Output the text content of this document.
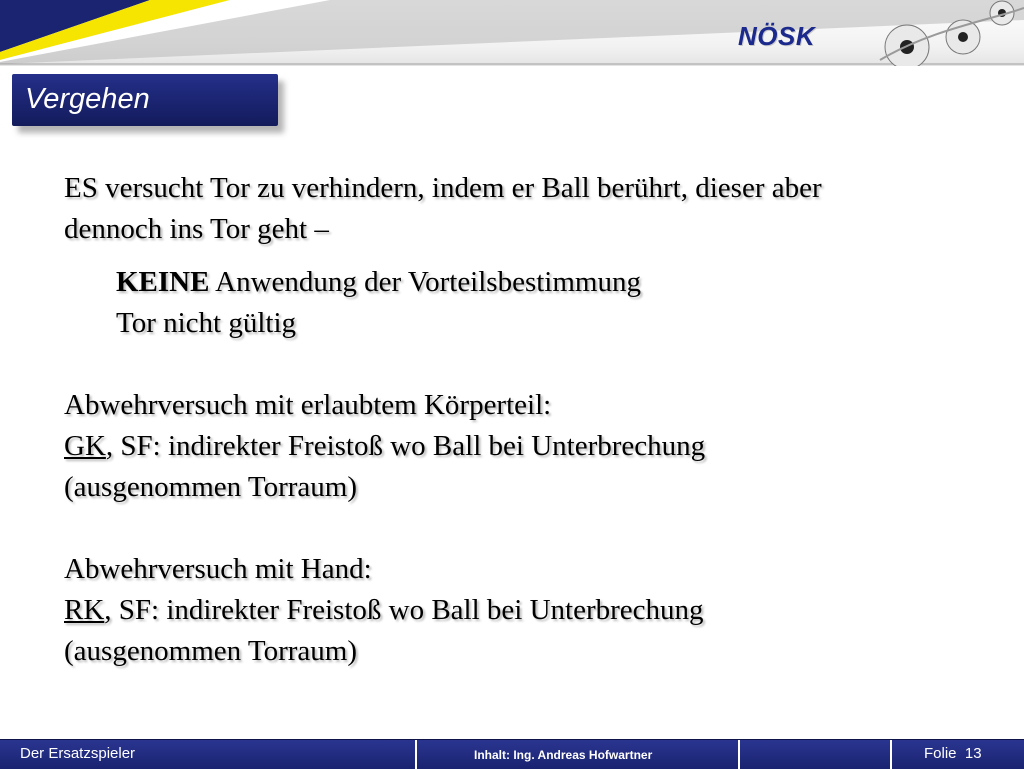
NÖSK
Vergehen

ES versucht Tor zu verhindern, indem er Ball berührt, dieser aber

dennoch ins Tor geht –

KEINE Anwendung der Vorteilsbestimmung

Tor nicht gültig

Abwehrversuch mit erlaubtem Körperteil:

GK, SF: indirekter Freistoß wo Ball bei Unterbrechung

(ausgenommen Torraum)

Abwehrversuch mit Hand:

RK, SF: indirekter Freistoß wo Ball bei Unterbrechung

(ausgenommen Torraum)

Der Ersatzspieler	Inhalt: Ing. Andreas Hofwartner	Folie  13
